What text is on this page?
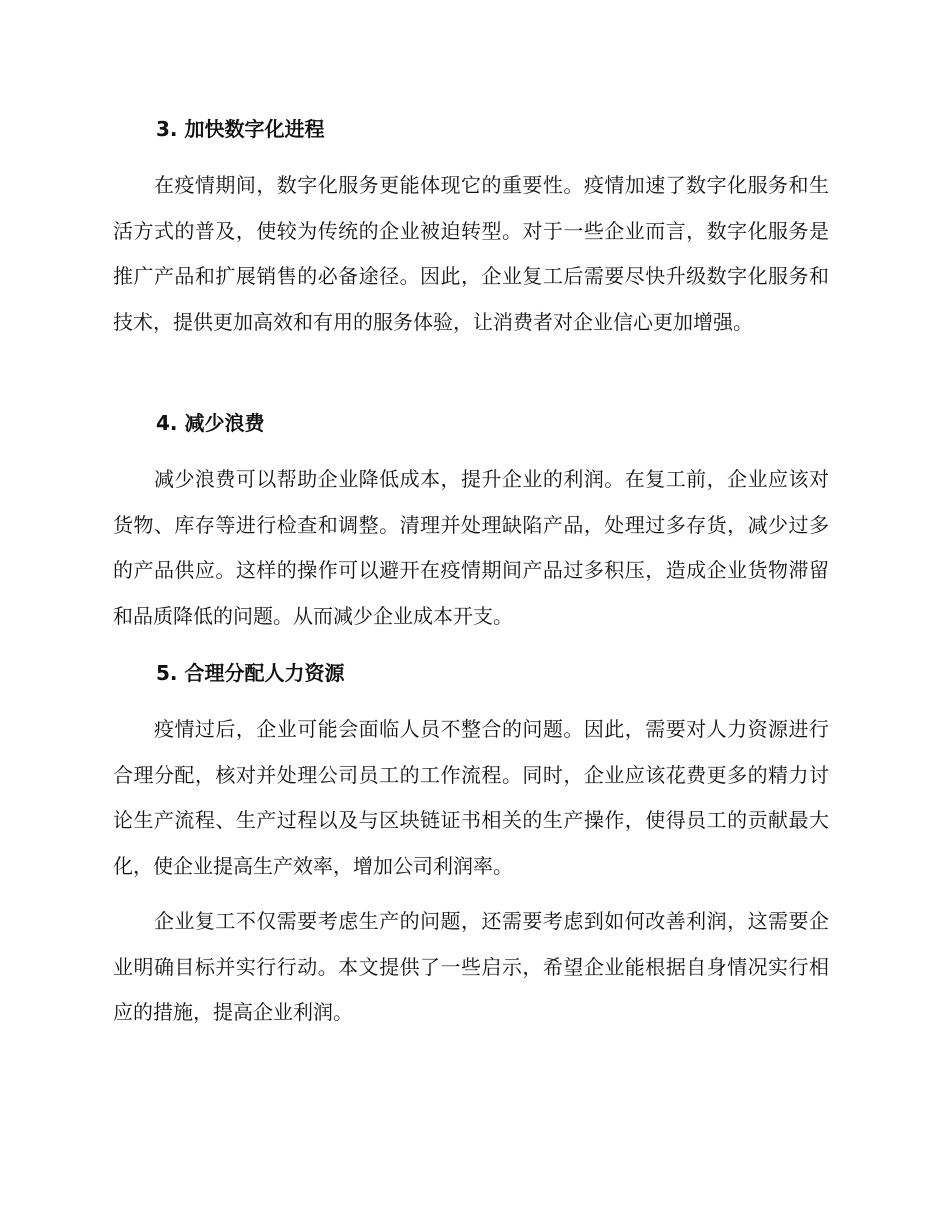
3. 加快数字化进程

在疫情期间，数字化服务更能体现它的重要性。疫情加速了数字化服务和生活方式的普及，使较为传统的企业被迫转型。对于一些企业而言，数字化服务是推广产品和扩展销售的必备途径。因此，企业复工后需要尽快升级数字化服务和技术，提供更加高效和有用的服务体验，让消费者对企业信心更加增强。

4. 减少浪费

减少浪费可以帮助企业降低成本，提升企业的利润。在复工前，企业应该对货物、库存等进行检查和调整。清理并处理缺陷产品，处理过多存货，减少过多的产品供应。这样的操作可以避开在疫情期间产品过多积压，造成企业货物滞留和品质降低的问题。从而减少企业成本开支。

5. 合理分配人力资源

疫情过后，企业可能会面临人员不整合的问题。因此，需要对人力资源进行合理分配，核对并处理公司员工的工作流程。同时，企业应该花费更多的精力讨论生产流程、生产过程以及与区块链证书相关的生产操作，使得员工的贡献最大化，使企业提高生产效率，增加公司利润率。

企业复工不仅需要考虑生产的问题，还需要考虑到如何改善利润，这需要企业明确目标并实行行动。本文提供了一些启示，希望企业能根据自身情况实行相应的措施，提高企业利润。
